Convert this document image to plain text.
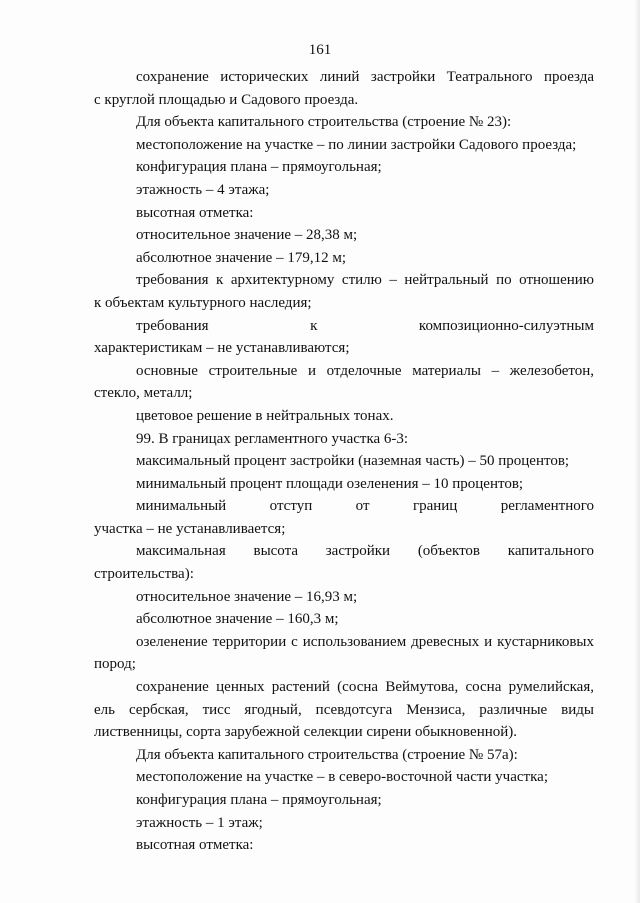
161

сохранение исторических линий застройки Театрального проезда

с круглой площадью и Садового проезда.

Для объекта капитального строительства (строение № 23):

местоположение на участке – по линии застройки Садового проезда;

конфигурация плана – прямоугольная;

этажность – 4 этажа;

высотная отметка:

относительное значение – 28,38 м;

абсолютное значение – 179,12 м;

требования к архитектурному стилю – нейтральный по отношению

к объектам культурного наследия;

требования к композиционно-силуэтным

характеристикам – не устанавливаются;

основные строительные и отделочные материалы – железобетон,

стекло, металл;

цветовое решение в нейтральных тонах.

99. В границах регламентного участка 6-3:

максимальный процент застройки (наземная часть) – 50 процентов;

минимальный процент площади озеленения – 10 процентов;

минимальный отступ от границ регламентного

участка – не устанавливается;

максимальная высота застройки (объектов капитального

строительства):

относительное значение – 16,93 м;

абсолютное значение – 160,3 м;

озеленение территории с использованием древесных и кустарниковых

пород;

сохранение ценных растений (сосна Веймутова, сосна румелийская,

ель сербская, тисс ягодный, псевдотсуга Мензиса, различные виды

лиственницы, сорта зарубежной селекции сирени обыкновенной).

Для объекта капитального строительства (строение № 57а):

местоположение на участке – в северо-восточной части участка;

конфигурация плана – прямоугольная;

этажность – 1 этаж;

высотная отметка:
